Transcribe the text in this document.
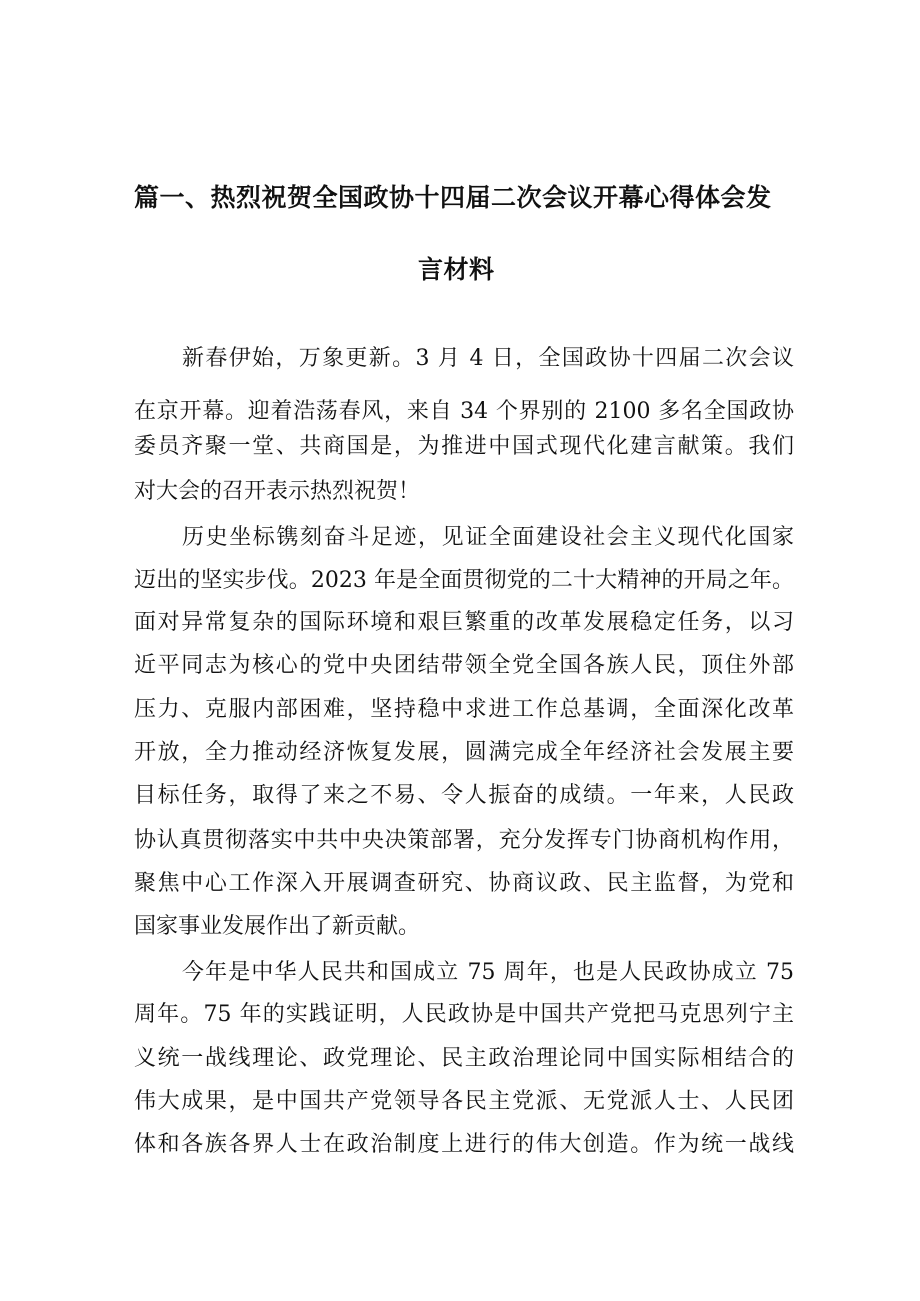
篇一、热烈祝贺全国政协十四届二次会议开幕心得体会发
言材料
新春伊始，万象更新。3 月 4 日，全国政协十四届二次会议
在京开幕。迎着浩荡春风，来自 34 个界别的 2100 多名全国政协
委员齐聚一堂、共商国是，为推进中国式现代化建言献策。我们
对大会的召开表示热烈祝贺！
历史坐标镌刻奋斗足迹，见证全面建设社会主义现代化国家
迈出的坚实步伐。2023 年是全面贯彻党的二十大精神的开局之年。
面对异常复杂的国际环境和艰巨繁重的改革发展稳定任务，以习
近平同志为核心的党中央团结带领全党全国各族人民，顶住外部
压力、克服内部困难，坚持稳中求进工作总基调，全面深化改革
开放，全力推动经济恢复发展，圆满完成全年经济社会发展主要
目标任务，取得了来之不易、令人振奋的成绩。一年来，人民政
协认真贯彻落实中共中央决策部署，充分发挥专门协商机构作用，
聚焦中心工作深入开展调查研究、协商议政、民主监督，为党和
国家事业发展作出了新贡献。
今年是中华人民共和国成立 75 周年，也是人民政协成立 75
周年。75 年的实践证明，人民政协是中国共产党把马克思列宁主
义统一战线理论、政党理论、民主政治理论同中国实际相结合的
伟大成果，是中国共产党领导各民主党派、无党派人士、人民团
体和各族各界人士在政治制度上进行的伟大创造。作为统一战线
